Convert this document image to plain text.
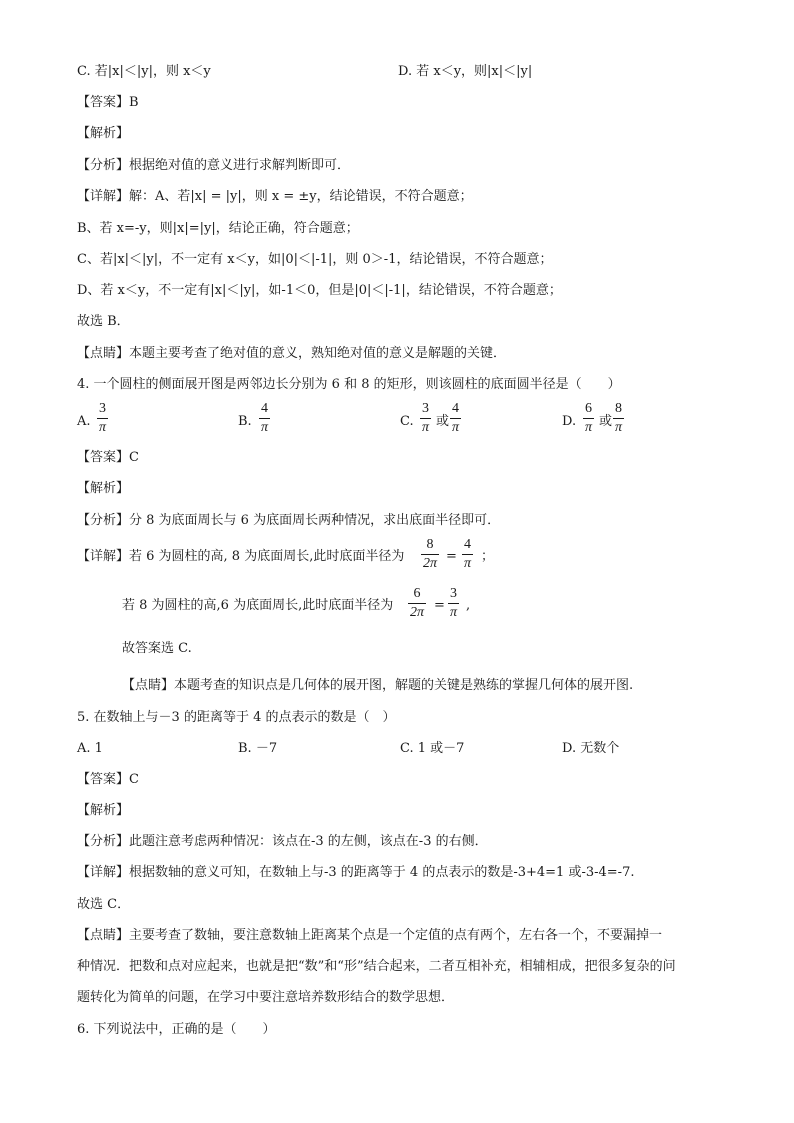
C. 若|x|＜|y|，则 x＜y	D. 若 x＜y，则|x|＜|y|
【答案】B
【解析】
【分析】根据绝对值的意义进行求解判断即可．
【详解】解：A、若|x| = |y|，则 x = ±y，结论错误，不符合题意；
B、若 x=-y，则|x|=|y|，结论正确，符合题意；
C、若|x|＜|y|，不一定有 x＜y，如|0|＜|-1|，则 0＞-1，结论错误，不符合题意；
D、若 x＜y，不一定有|x|＜|y|，如-1＜0，但是|0|＜|-1|，结论错误，不符合题意；
故选 B．
【点睛】本题主要考查了绝对值的意义，熟知绝对值的意义是解题的关键．
4. 一个圆柱的侧面展开图是两邻边长分别为 6 和 8 的矩形，则该圆柱的底面圆半径是（　　）
A.
3
π	B.
4
π	C.
3
π 或
4
π	D.
6
π 或
8
π
【答案】C
【解析】
【分析】分 8 为底面周长与 6 为底面周长两种情况，求出底面半径即可．
【详解】若 6 为圆柱的高, 8 为底面周长,此时底面半径为
8
2π =
4
π ；
若 8 为圆柱的高,6 为底面周长,此时底面半径为
6
2π =
3
π ,
故答案选 C.
【点睛】本题考查的知识点是几何体的展开图，解题的关键是熟练的掌握几何体的展开图.
5. 在数轴上与－3 的距离等于 4 的点表示的数是（　）
A. 1	B. －7	C. 1 或－7	D. 无数个
【答案】C
【解析】
【分析】此题注意考虑两种情况：该点在-3 的左侧，该点在-3 的右侧．
【详解】根据数轴的意义可知，在数轴上与-3 的距离等于 4 的点表示的数是-3+4=1 或-3-4=-7.
故选 C．
【点睛】主要考查了数轴，要注意数轴上距离某个点是一个定值的点有两个，左右各一个，不要漏掉一
种情况．把数和点对应起来，也就是把“数”和“形”结合起来，二者互相补充，相辅相成，把很多复杂的问
题转化为简单的问题，在学习中要注意培养数形结合的数学思想．
6. 下列说法中，正确的是（　　）
